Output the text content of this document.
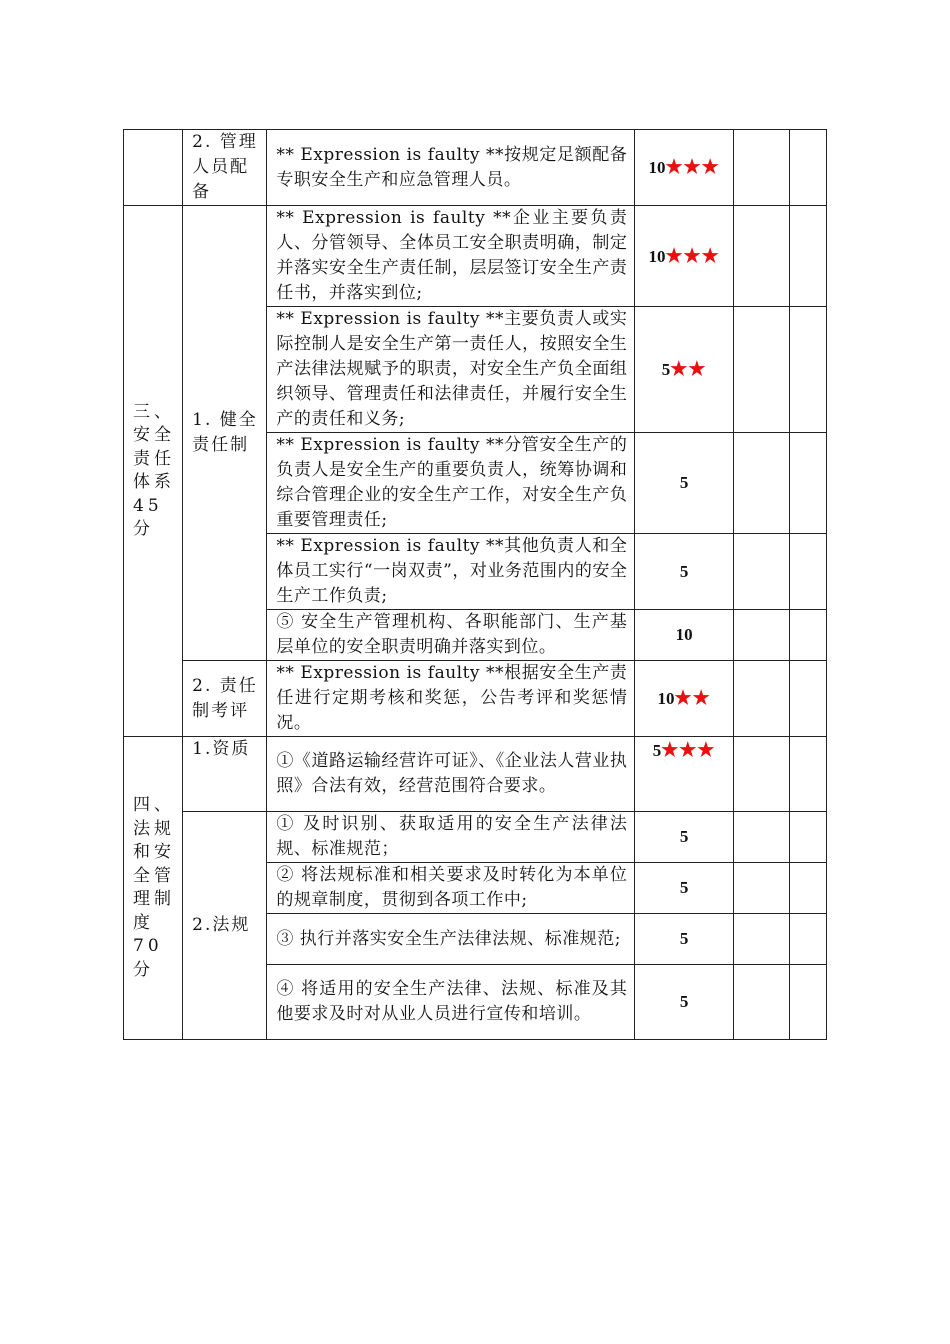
	2. 管理人员配备	** Expression is faulty **按规定足额配备专职安全生产和应急管理人员。	10★★★		
三、安全责任体系45分	1. 健全责任制	** Expression is faulty **企业主要负责人、分管领导、全体员工安全职责明确，制定并落实安全生产责任制，层层签订安全生产责任书，并落实到位;	10★★★		
		** Expression is faulty **主要负责人或实际控制人是安全生产第一责任人，按照安全生产法律法规赋予的职责，对安全生产负全面组织领导、管理责任和法律责任，并履行安全生产的责任和义务;	5★★		
		** Expression is faulty **分管安全生产的负责人是安全生产的重要负责人，统筹协调和综合管理企业的安全生产工作，对安全生产负重要管理责任;	5		
		** Expression is faulty **其他负责人和全体员工实行“一岗双责”，对业务范围内的安全生产工作负责;	5		
		⑤ 安全生产管理机构、各职能部门、生产基层单位的安全职责明确并落实到位。	10		
	2. 责任制考评	** Expression is faulty **根据安全生产责任进行定期考核和奖惩，公告考评和奖惩情况。	10★★		
四、法规和安全管理制度70分	1.资质	①《道路运输经营许可证》、《企业法人营业执照》合法有效，经营范围符合要求。	5★★★		
	2.法规	① 及时识别、获取适用的安全生产法律法规、标准规范；	5		
		② 将法规标准和相关要求及时转化为本单位的规章制度，贯彻到各项工作中;	5		
		③ 执行并落实安全生产法律法规、标准规范;	5		
		④ 将适用的安全生产法律、法规、标准及其他要求及时对从业人员进行宣传和培训。	5		
